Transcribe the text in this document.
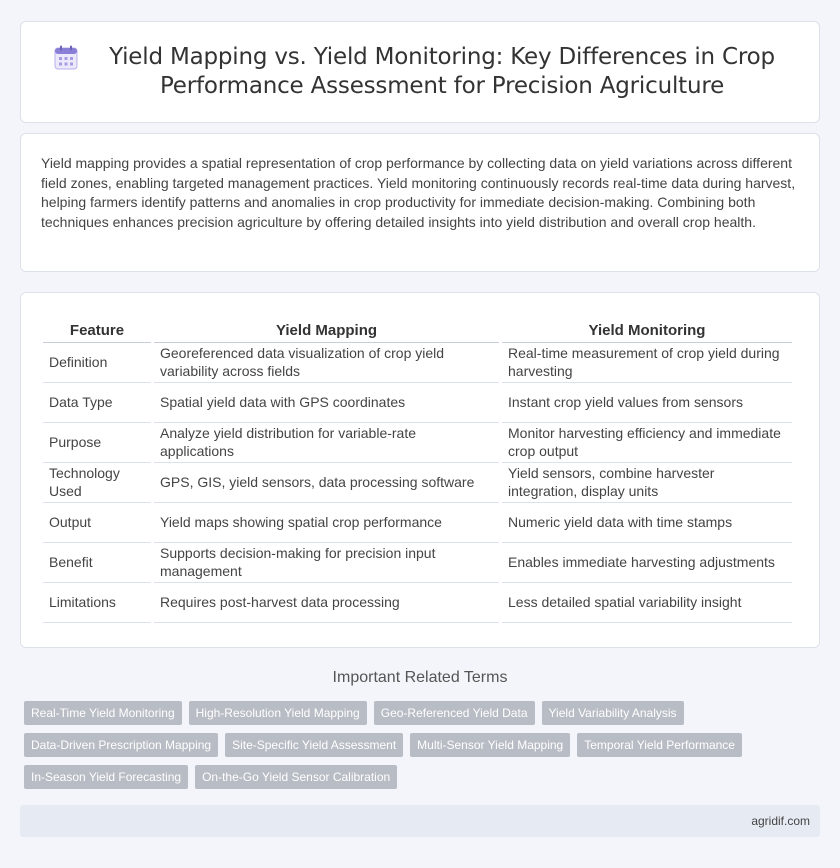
Yield Mapping vs. Yield Monitoring: Key Differences in Crop Performance Assessment for Precision Agriculture

Yield mapping provides a spatial representation of crop performance by collecting data on yield variations across different field zones, enabling targeted management practices. Yield monitoring continuously records real-time data during harvest, helping farmers identify patterns and anomalies in crop productivity for immediate decision-making. Combining both techniques enhances precision agriculture by offering detailed insights into yield distribution and overall crop health.

Feature	Yield Mapping	Yield Monitoring
Definition	Georeferenced data visualization of crop yield variability across fields	Real-time measurement of crop yield during harvesting
Data Type	Spatial yield data with GPS coordinates	Instant crop yield values from sensors
Purpose	Analyze yield distribution for variable-rate applications	Monitor harvesting efficiency and immediate crop output
Technology Used	GPS, GIS, yield sensors, data processing software	Yield sensors, combine harvester integration, display units
Output	Yield maps showing spatial crop performance	Numeric yield data with time stamps
Benefit	Supports decision-making for precision input management	Enables immediate harvesting adjustments
Limitations	Requires post-harvest data processing	Less detailed spatial variability insight
Important Related Terms
Real-Time Yield Monitoring	High-Resolution Yield Mapping	Geo-Referenced Yield Data	Yield Variability Analysis
Data-Driven Prescription Mapping	Site-Specific Yield Assessment	Multi-Sensor Yield Mapping	Temporal Yield Performance
In-Season Yield Forecasting	On-the-Go Yield Sensor Calibration
agridif.com
